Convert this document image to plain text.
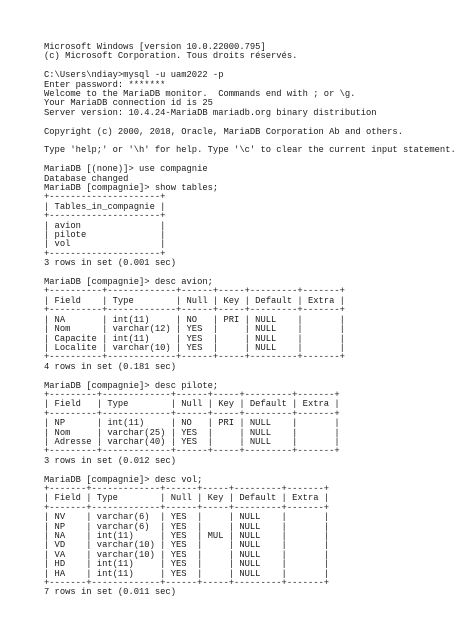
Microsoft Windows [version 10.0.22000.795]
(c) Microsoft Corporation. Tous droits réservés.
C:\Users\ndiay>mysql -u uam2022 -p
Enter password: *******
Welcome to the MariaDB monitor.  Commands end with ; or \g.
Your MariaDB connection id is 25
Server version: 10.4.24-MariaDB mariadb.org binary distribution
Copyright (c) 2000, 2018, Oracle, MariaDB Corporation Ab and others.
Type 'help;' or '\h' for help. Type '\c' to clear the current input statement.
MariaDB [(none)]> use compagnie
Database changed
MariaDB [compagnie]> show tables;
+---------------------+
| Tables_in_compagnie |
+---------------------+
| avion               |
| pilote              |
| vol                 |
+---------------------+
3 rows in set (0.001 sec)
MariaDB [compagnie]> desc avion;
+----------+-------------+------+-----+---------+-------+
| Field    | Type        | Null | Key | Default | Extra |
+----------+-------------+------+-----+---------+-------+
| NA       | int(11)     | NO   | PRI | NULL    |       |
| Nom      | varchar(12) | YES  |     | NULL    |       |
| Capacite | int(11)     | YES  |     | NULL    |       |
| Localite | varchar(10) | YES  |     | NULL    |       |
+----------+-------------+------+-----+---------+-------+
4 rows in set (0.181 sec)
MariaDB [compagnie]> desc pilote;
+---------+-------------+------+-----+---------+-------+
| Field   | Type        | Null | Key | Default | Extra |
+---------+-------------+------+-----+---------+-------+
| NP      | int(11)     | NO   | PRI | NULL    |       |
| Nom     | varchar(25) | YES  |     | NULL    |       |
| Adresse | varchar(40) | YES  |     | NULL    |       |
+---------+-------------+------+-----+---------+-------+
3 rows in set (0.012 sec)
MariaDB [compagnie]> desc vol;
+-------+-------------+------+-----+---------+-------+
| Field | Type        | Null | Key | Default | Extra |
+-------+-------------+------+-----+---------+-------+
| NV    | varchar(6)  | YES  |     | NULL    |       |
| NP    | varchar(6)  | YES  |     | NULL    |       |
| NA    | int(11)     | YES  | MUL | NULL    |       |
| VD    | varchar(10) | YES  |     | NULL    |       |
| VA    | varchar(10) | YES  |     | NULL    |       |
| HD    | int(11)     | YES  |     | NULL    |       |
| HA    | int(11)     | YES  |     | NULL    |       |
+-------+-------------+------+-----+---------+-------+
7 rows in set (0.011 sec)
